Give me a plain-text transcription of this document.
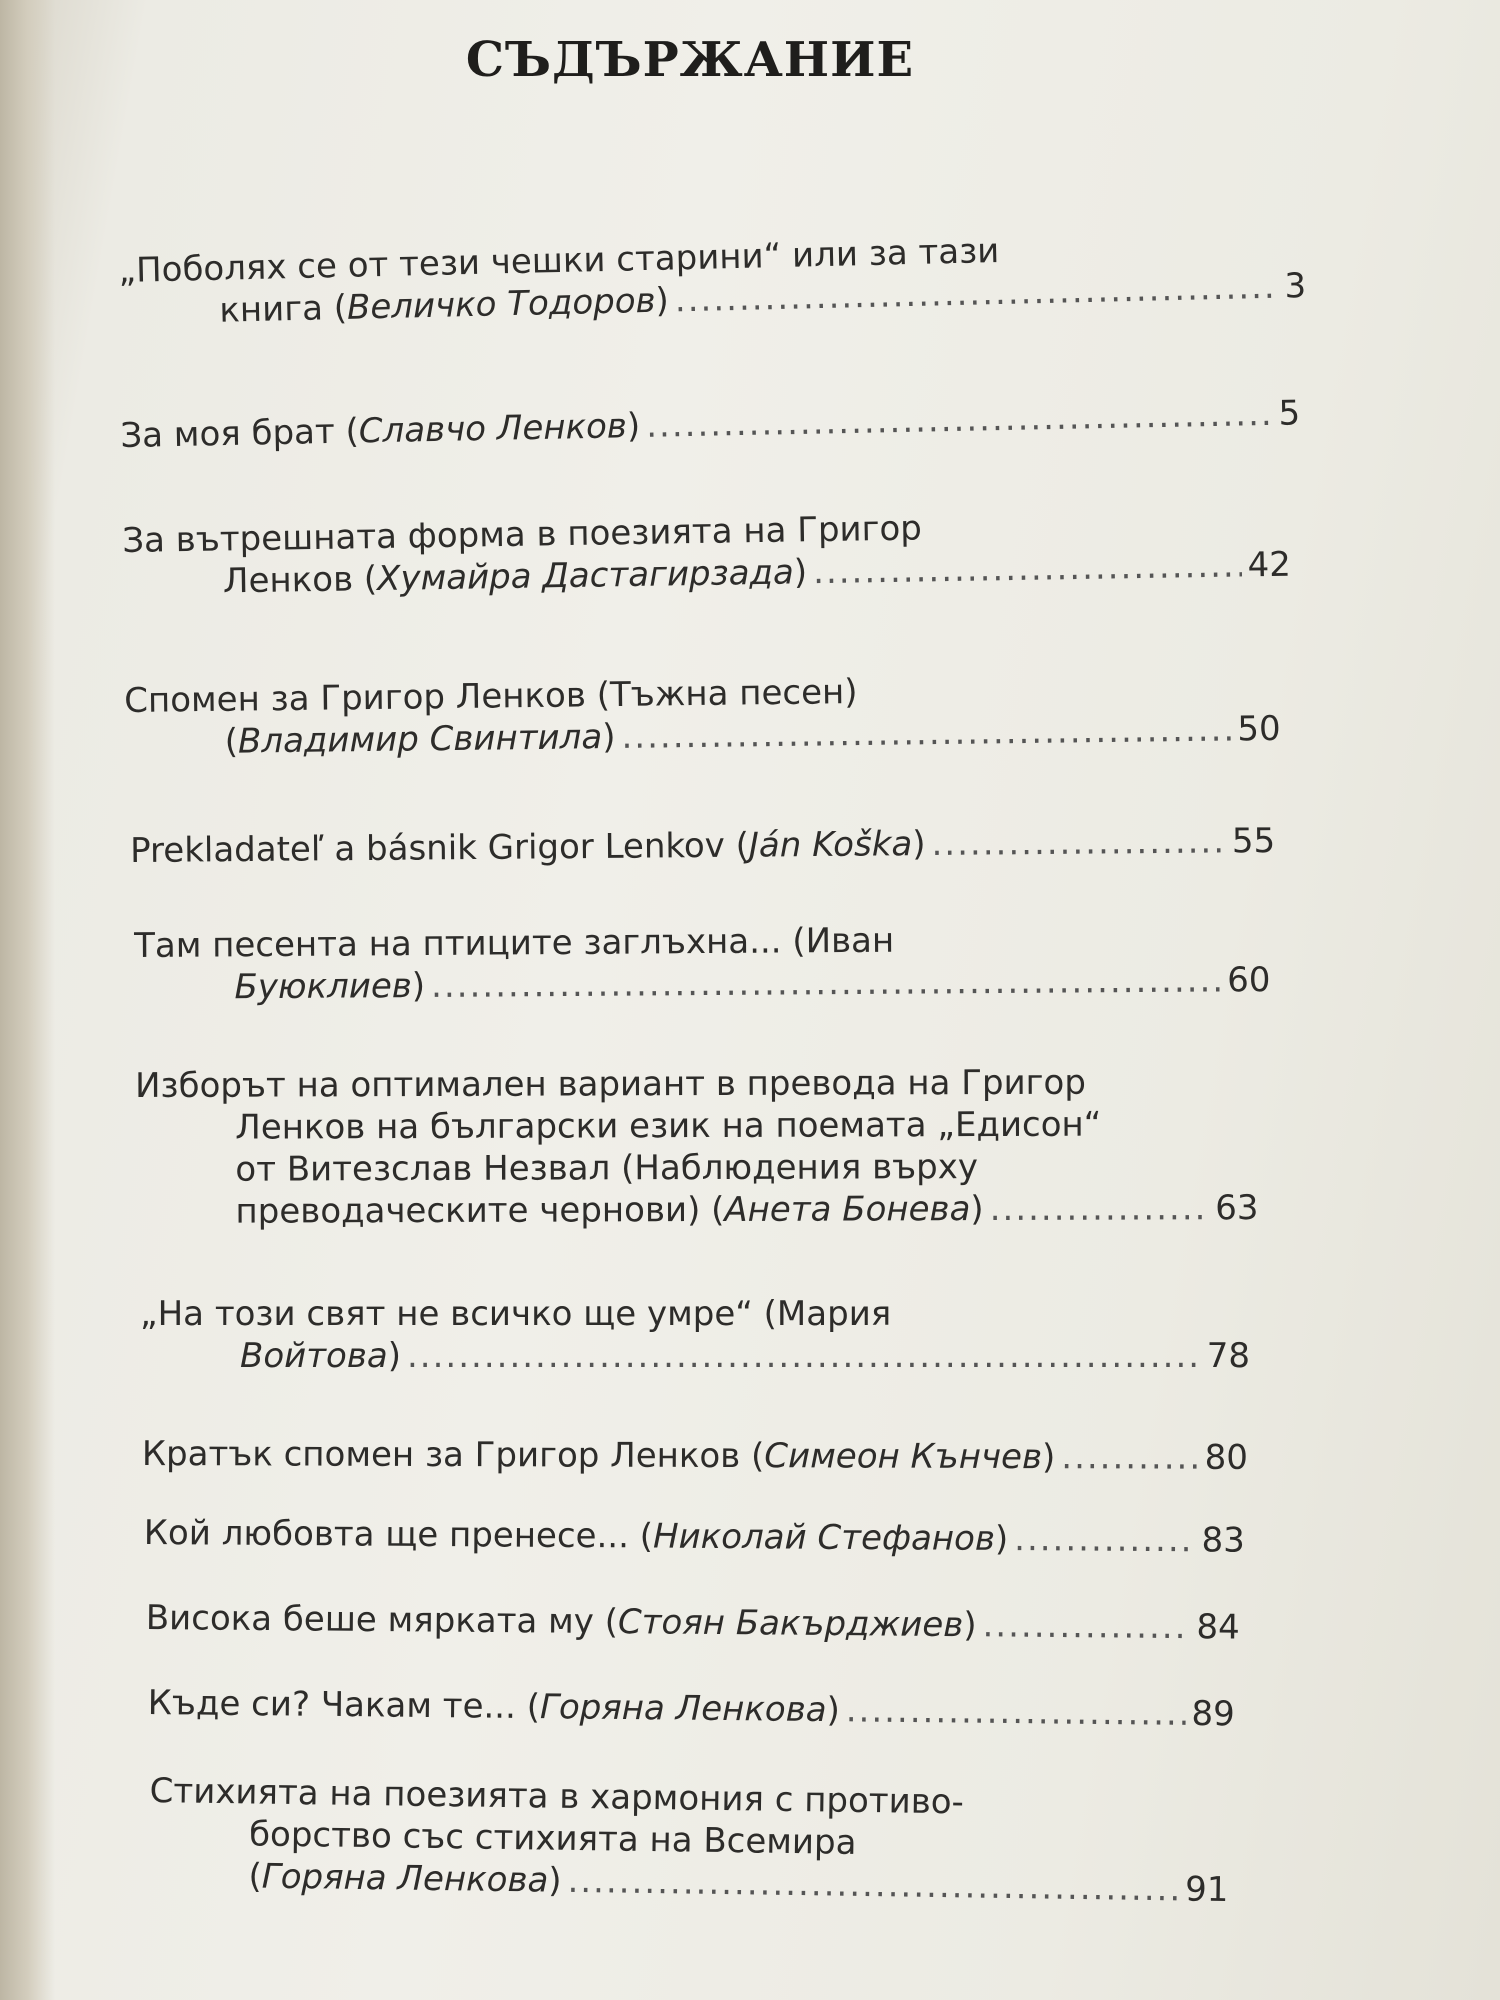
СЪДЪРЖАНИЕ
„Поболях се от тези чешки старини“ или за тази
книга (Величко Тодоров) .....	3
За моя брат (Славчо Ленков) .....	5
За вътрешната форма в поезията на Григор
Ленков (Хумайра Дастагирзада) .....	42
Спомен за Григор Ленков (Тъжна песен)
(Владимир Свинтила) .....	50
Prekladateľ a básnik Grigor Lenkov (Ján Koška) .....	55
Там песента на птиците заглъхна... (Иван
Буюклиев) .....	60
Изборът на оптимален вариант в превода на Григор
Ленков на български език на поемата „Едисон“
от Витезслав Незвал (Наблюдения върху
преводаческите чернови) (Анета Бонева) .....	63
„На този свят не всичко ще умре“ (Мария
Войтова) .....	78
Кратък спомен за Григор Ленков (Симеон Кънчев) .....	80
Кой любовта ще пренесе... (Николай Стефанов) .....	83
Висока беше мярката му (Стоян Бакърджиев) .....	84
Къде си? Чакам те... (Горяна Ленкова) .....	89
Стихията на поезията в хармония с противо-
борство със стихията на Всемира
(Горяна Ленкова) .....	91
